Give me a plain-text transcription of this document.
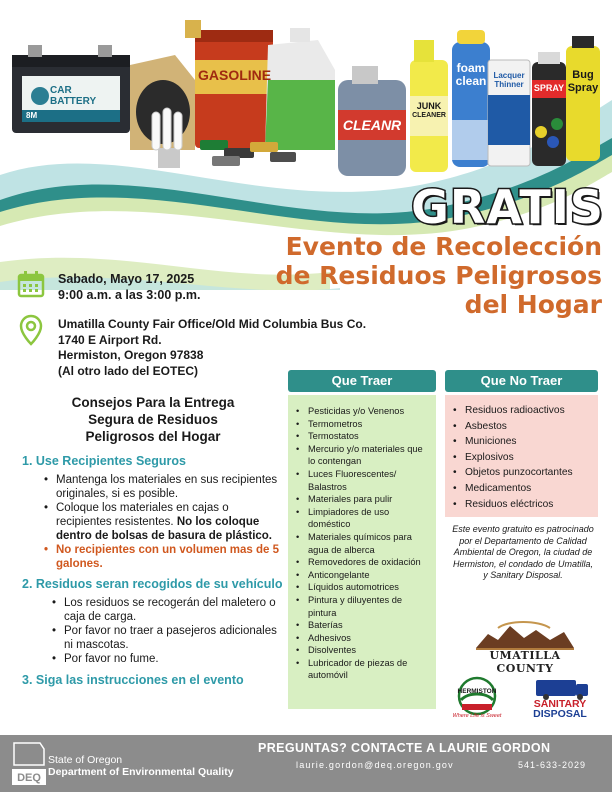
CAR
BATTERY
8M
GASOLINE
CLEANR
JUNK
CLEANER
foam
clean Lacquer
Thinner	SPRAY
Bug
Spray
GRATIS
Evento de Recolección
de Residuos Peligrosos
del Hogar
Sabado, Mayo 17, 2025
9:00 a.m. a las 3:00 p.m.
Umatilla County Fair Office/Old Mid Columbia Bus Co.
1740 E Airport Rd.
Hermiston, Oregon 97838
(Al otro lado del EOTEC)
Consejos Para la Entrega
Segura de Residuos
Peligrosos del Hogar
1. Use Recipientes Seguros
• Mantenga los materiales en sus recipientes originales, si es posible.
• Coloque los materiales en cajas o recipientes resistentes. No los coloque dentro de bolsas de basura de plástico.
• No recipientes con un volumen mas de 5 galones.
2. Residuos seran recogidos de su vehículo
• Los residuos se recogerán del maletero o caja de carga.
• Por favor no traer a pasejeros adicionales ni mascotas.
• Por favor no fume.
3. Siga las instrucciones en el evento
Que Traer
• Pesticidas y/o Venenos
• Termometros
• Termostatos
• Mercurio y/o materiales que lo contengan
• Luces Fluorescentes/ Balastros
• Materiales para pulir
• Limpiadores de uso doméstico
• Materiales químicos para agua de alberca
• Removedores de oxidación
• Anticongelante
• Líquidos automotrices
• Pintura y diluyentes de pintura
• Baterías
• Adhesivos
• Disolventes
• Lubricador de piezas de automóvil
Que No Traer
• Residuos radioactivos
• Asbestos
• Municiones
• Explosivos
• Objetos punzocortantes
• Medicamentos
• Residuos eléctricos
Este evento gratuito es patrocinado por el Departamento de Calidad Ambiental de Oregon, la ciudad de Hermiston, el condado de Umatilla, y Sanitary Disposal.
UMATILLA COUNTY
HERMISTON
Where Life is Sweet
SANITARY
DISPOSAL
DEQ
State of Oregon
Department of Environmental Quality
PREGUNTAS? CONTACTE A LAURIE GORDON
laurie.gordon@deq.oregon.gov	541-633-2029
